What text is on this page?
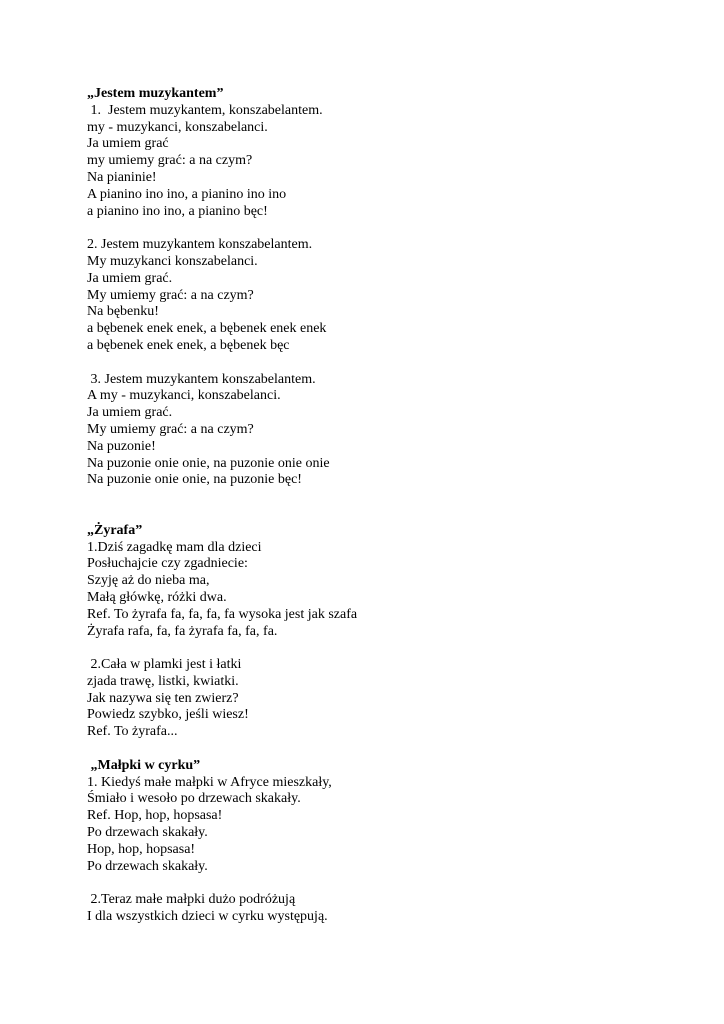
„Jestem muzykantem”
1.  Jestem muzykantem, konszabelantem.
my - muzykanci, konszabelanci.
Ja umiem grać
my umiemy grać: a na czym?
Na pianinie!
A pianino ino ino, a pianino ino ino
a pianino ino ino, a pianino bęc!
2. Jestem muzykantem konszabelantem.
My muzykanci konszabelanci.
Ja umiem grać.
My umiemy grać: a na czym?
Na bębenku!
a bębenek enek enek, a bębenek enek enek
a bębenek enek enek, a bębenek bęc
3. Jestem muzykantem konszabelantem.
A my - muzykanci, konszabelanci.
Ja umiem grać.
My umiemy grać: a na czym?
Na puzonie!
Na puzonie onie onie, na puzonie onie onie
Na puzonie onie onie, na puzonie bęc!
„Żyrafa”
1.Dziś zagadkę mam dla dzieci
Posłuchajcie czy zgadniecie:
Szyję aż do nieba ma,
Małą główkę, różki dwa.
Ref. To żyrafa fa, fa, fa, fa wysoka jest jak szafa
Żyrafa rafa, fa, fa żyrafa fa, fa, fa.
2.Cała w plamki jest i łatki
zjada trawę, listki, kwiatki.
Jak nazywa się ten zwierz?
Powiedz szybko, jeśli wiesz!
Ref. To żyrafa...
„Małpki w cyrku”
1. Kiedyś małe małpki w Afryce mieszkały,
Śmiało i wesoło po drzewach skakały.
Ref. Hop, hop, hopsasa!
Po drzewach skakały.
Hop, hop, hopsasa!
Po drzewach skakały.
2.Teraz małe małpki dużo podróżują
I dla wszystkich dzieci w cyrku występują.
